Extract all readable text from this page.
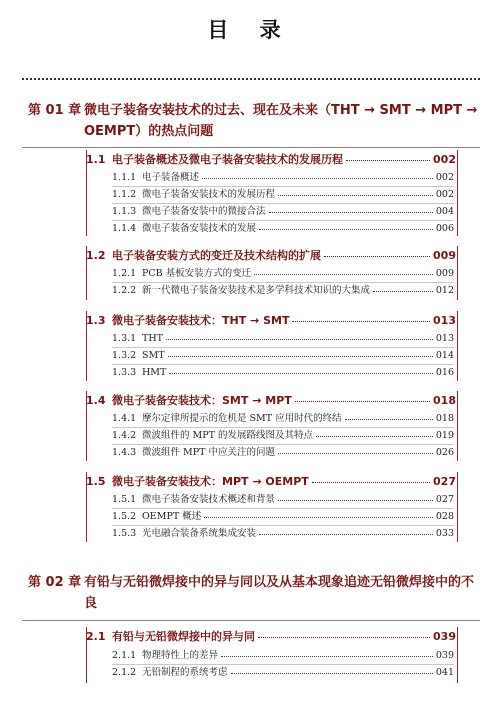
目 录
第 01 章 微电子装备安装技术的过去、现在及未来（THT → SMT → MPT → OEMPT）的热点问题
1.1 电子装备概述及微电子装备安装技术的发展历程	002
1.1.1 电子装备概述	002
1.1.2 微电子装备安装技术的发展历程	002
1.1.3 微电子装备安装中的微接合法	004
1.1.4 微电子装备安装技术的发展	006
1.2 电子装备安装方式的变迁及技术结构的扩展	009
1.2.1 PCB 基板安装方式的变迁	009
1.2.2 新一代微电子装备安装技术是多学科技术知识的大集成	012
1.3 微电子装备安装技术：THT → SMT	013
1.3.1 THT	013
1.3.2 SMT	014
1.3.3 HMT	016
1.4 微电子装备安装技术：SMT → MPT	018
1.4.1 摩尔定律所提示的危机是 SMT 应用时代的终结	018
1.4.2 微波组件的 MPT 的发展路线图及其特点	019
1.4.3 微波组件 MPT 中应关注的问题	026
1.5 微电子装备安装技术：MPT → OEMPT	027
1.5.1 微电子装备安装技术概述和背景	027
1.5.2 OEMPT 概述	028
1.5.3 光电融合装备系统集成安装	033
第 02 章 有铅与无铅微焊接中的异与同以及从基本现象追迹无铅微焊接中的不良
2.1 有铅与无铅微焊接中的异与同	039
2.1.1 物理特性上的差异	039
2.1.2 无铅制程的系统考虑	041
